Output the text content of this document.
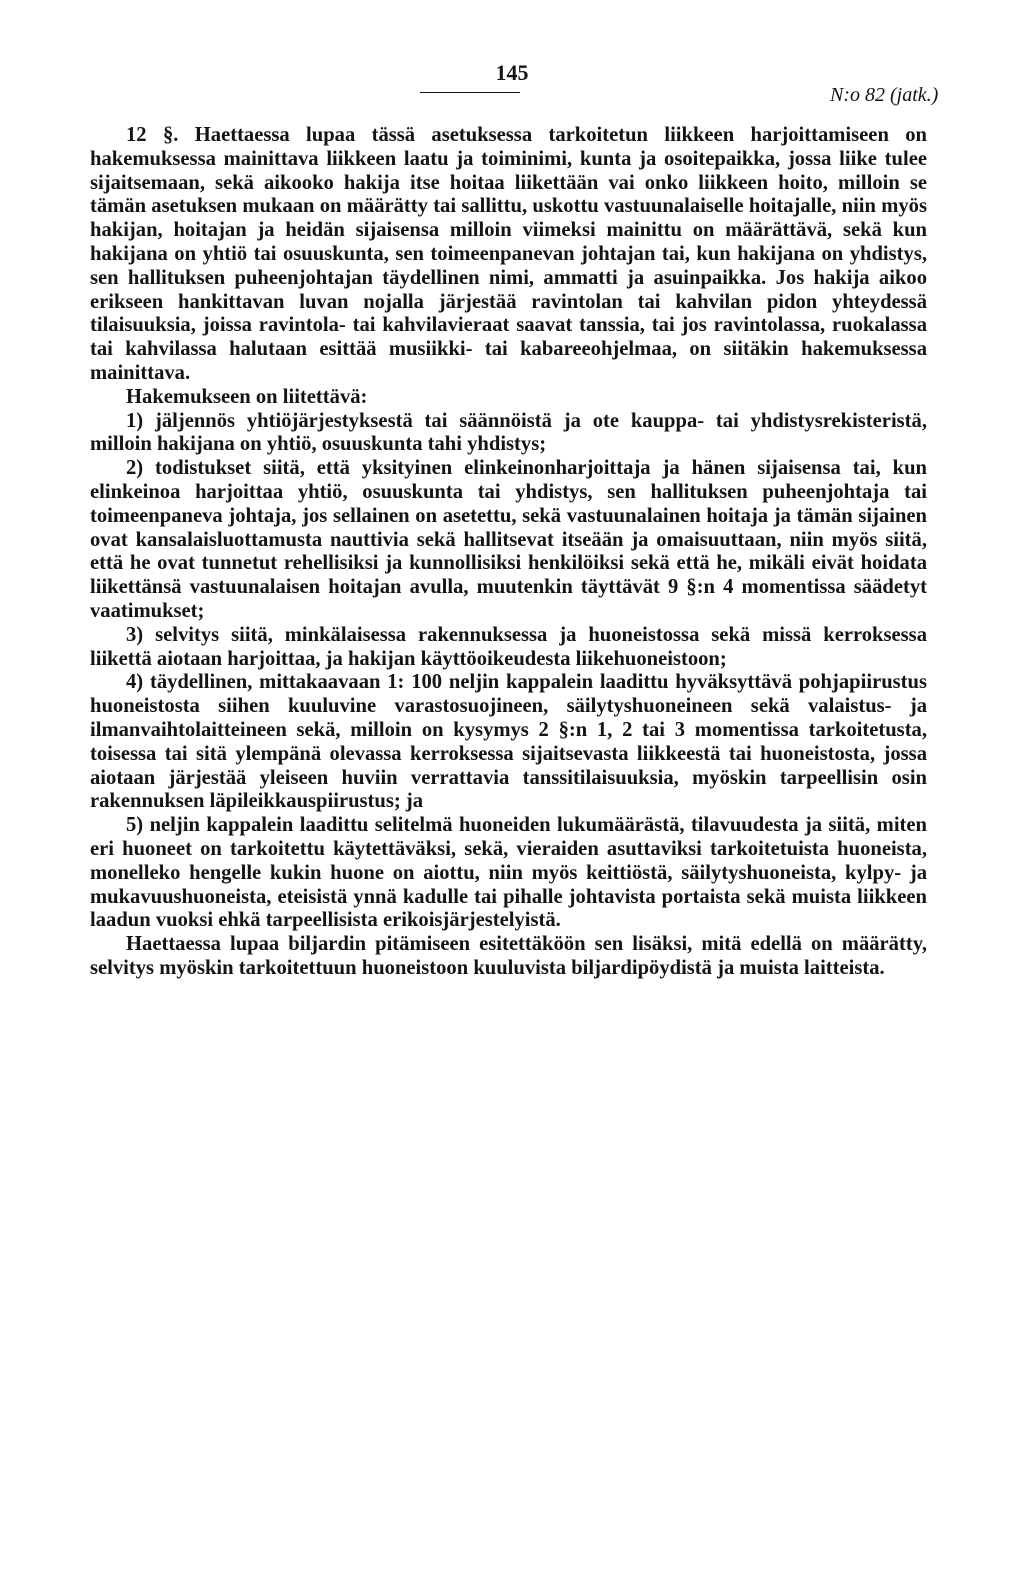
145
N:o 82 (jatk.)

12 §. Haettaessa lupaa tässä asetuksessa tarkoitetun liikkeen harjoittamiseen on hakemuksessa mainittava liikkeen laatu ja toiminimi, kunta ja osoitepaikka, jossa liike tulee sijaitsemaan, sekä aikooko hakija itse hoitaa liikettään vai onko liikkeen hoito, milloin se tämän asetuksen mukaan on määrätty tai sallittu, uskottu vastuunalaiselle hoitajalle, niin myös hakijan, hoitajan ja heidän sijaisensa milloin viimeksi mainittu on määrättävä, sekä kun hakijana on yhtiö tai osuuskunta, sen toimeenpanevan johtajan tai, kun hakijana on yhdistys, sen hallituksen puheenjohtajan täydellinen nimi, ammatti ja asuinpaikka. Jos hakija aikoo erikseen hankittavan luvan nojalla järjestää ravintolan tai kahvilan pidon yhteydessä tilaisuuksia, joissa ravintola- tai kahvilavieraat saavat tanssia, tai jos ravintolassa, ruokalassa tai kahvilassa halutaan esittää musiikki- tai kabareeohjelmaa, on siitäkin hakemuksessa mainittava.

Hakemukseen on liitettävä:

1) jäljennös yhtiöjärjestyksestä tai säännöistä ja ote kauppa- tai yhdistysrekisteristä, milloin hakijana on yhtiö, osuuskunta tahi yhdistys;

2) todistukset siitä, että yksityinen elinkeinonharjoittaja ja hänen sijaisensa tai, kun elinkeinoa harjoittaa yhtiö, osuuskunta tai yhdistys, sen hallituksen puheenjohtaja tai toimeenpaneva johtaja, jos sellainen on asetettu, sekä vastuunalainen hoitaja ja tämän sijainen ovat kansalaisluottamusta nauttivia sekä hallitsevat itseään ja omaisuuttaan, niin myös siitä, että he ovat tunnetut rehellisiksi ja kunnollisiksi henkilöiksi sekä että he, mikäli eivät hoidata liikettänsä vastuunalaisen hoitajan avulla, muutenkin täyttävät 9 §:n 4 momentissa säädetyt vaatimukset;

3) selvitys siitä, minkälaisessa rakennuksessa ja huoneistossa sekä missä kerroksessa liikettä aiotaan harjoittaa, ja hakijan käyttöoikeudesta liikehuoneistoon;

4) täydellinen, mittakaavaan 1: 100 neljin kappalein laadittu hyväksyttävä pohjapiirustus huoneistosta siihen kuuluvine varastosuojineen, säilytyshuoneineen sekä valaistus- ja ilmanvaihtolaitteineen sekä, milloin on kysymys 2 §:n 1, 2 tai 3 momentissa tarkoitetusta, toisessa tai sitä ylempänä olevassa kerroksessa sijaitsevasta liikkeestä tai huoneistosta, jossa aiotaan järjestää yleiseen huviin verrattavia tanssitilaisuuksia, myöskin tarpeellisin osin rakennuksen läpileikkauspiirustus; ja

5) neljin kappalein laadittu selitelmä huoneiden lukumäärästä, tilavuudesta ja siitä, miten eri huoneet on tarkoitettu käytettäväksi, sekä, vieraiden asuttaviksi tarkoitetuista huoneista, monelleko hengelle kukin huone on aiottu, niin myös keittiöstä, säilytyshuoneista, kylpy- ja mukavuushuoneista, eteisistä ynnä kadulle tai pihalle johtavista portaista sekä muista liikkeen laadun vuoksi ehkä tarpeellisista erikoisjärjestelyistä.

Haettaessa lupaa biljardin pitämiseen esitettäköön sen lisäksi, mitä edellä on määrätty, selvitys myöskin tarkoitettuun huoneistoon kuuluvista biljardipöydistä ja muista laitteista.
